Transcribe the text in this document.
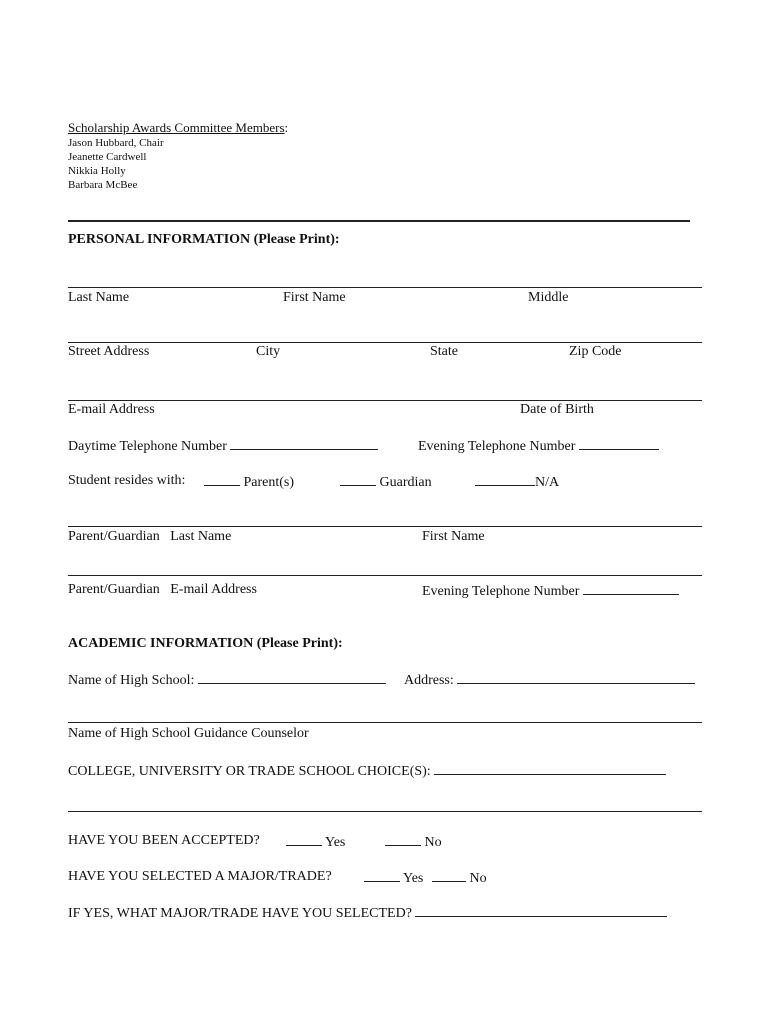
Scholarship Awards Committee Members:
Jason Hubbard, Chair
Jeanette Cardwell
Nikkia Holly
Barbara McBee
PERSONAL INFORMATION (Please Print):
Last Name	First Name	Middle
Street Address	City	State	Zip Code
E-mail Address	Date of Birth
Daytime Telephone Number	Evening Telephone Number
Student resides with:	Parent(s)	Guardian	N/A
Parent/Guardian   Last Name	First Name
Parent/Guardian   E-mail Address	Evening Telephone Number
ACADEMIC INFORMATION (Please Print):
Name of High School:	Address:
Name of High School Guidance Counselor
COLLEGE, UNIVERSITY OR TRADE SCHOOL CHOICE(S):
HAVE YOU BEEN ACCEPTED?	Yes	No
HAVE YOU SELECTED A MAJOR/TRADE?	Yes	No
IF YES, WHAT MAJOR/TRADE HAVE YOU SELECTED?
